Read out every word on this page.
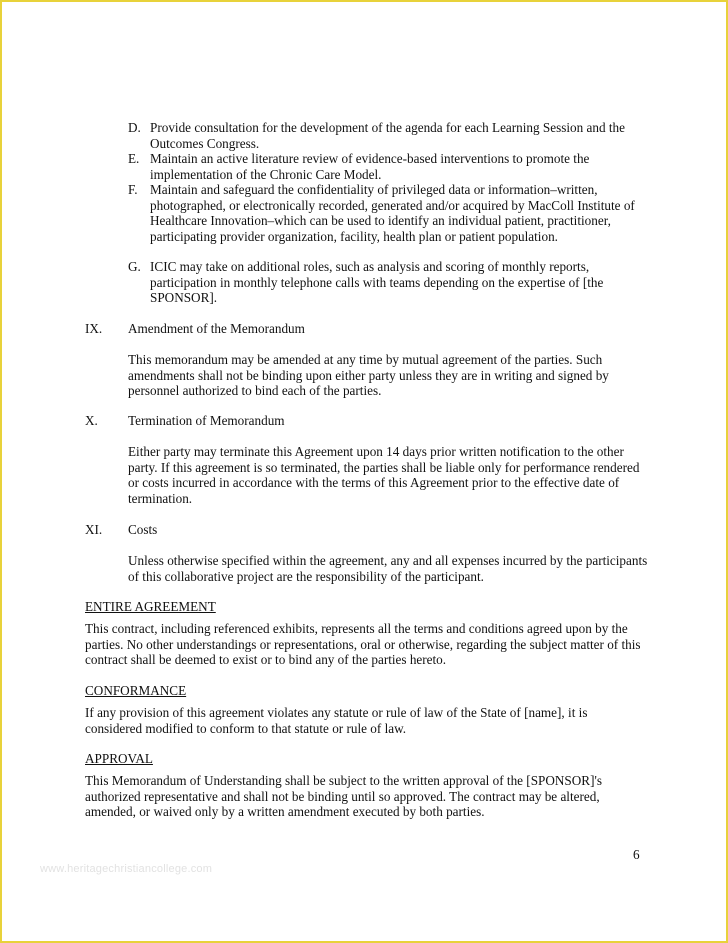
D. Provide consultation for the development of the agenda for each Learning Session and the Outcomes Congress.
E. Maintain an active literature review of evidence-based interventions to promote the implementation of the Chronic Care Model.
F. Maintain and safeguard the confidentiality of privileged data or information–written, photographed, or electronically recorded, generated and/or acquired by MacColl Institute of Healthcare Innovation–which can be used to identify an individual patient, practitioner, participating provider organization, facility, health plan or patient population.
G. ICIC may take on additional roles, such as analysis and scoring of monthly reports, participation in monthly telephone calls with teams depending on the expertise of [the SPONSOR].
IX. Amendment of the Memorandum
This memorandum may be amended at any time by mutual agreement of the parties. Such amendments shall not be binding upon either party unless they are in writing and signed by personnel authorized to bind each of the parties.
X. Termination of Memorandum
Either party may terminate this Agreement upon 14 days prior written notification to the other party. If this agreement is so terminated, the parties shall be liable only for performance rendered or costs incurred in accordance with the terms of this Agreement prior to the effective date of termination.
XI. Costs
Unless otherwise specified within the agreement, any and all expenses incurred by the participants of this collaborative project are the responsibility of the participant.
ENTIRE AGREEMENT
This contract, including referenced exhibits, represents all the terms and conditions agreed upon by the parties. No other understandings or representations, oral or otherwise, regarding the subject matter of this contract shall be deemed to exist or to bind any of the parties hereto.
CONFORMANCE
If any provision of this agreement violates any statute or rule of law of the State of [name], it is considered modified to conform to that statute or rule of law.
APPROVAL
This Memorandum of Understanding shall be subject to the written approval of the [SPONSOR]'s authorized representative and shall not be binding until so approved. The contract may be altered, amended, or waived only by a written amendment executed by both parties.
6
www.heritagechristiancollege.com
